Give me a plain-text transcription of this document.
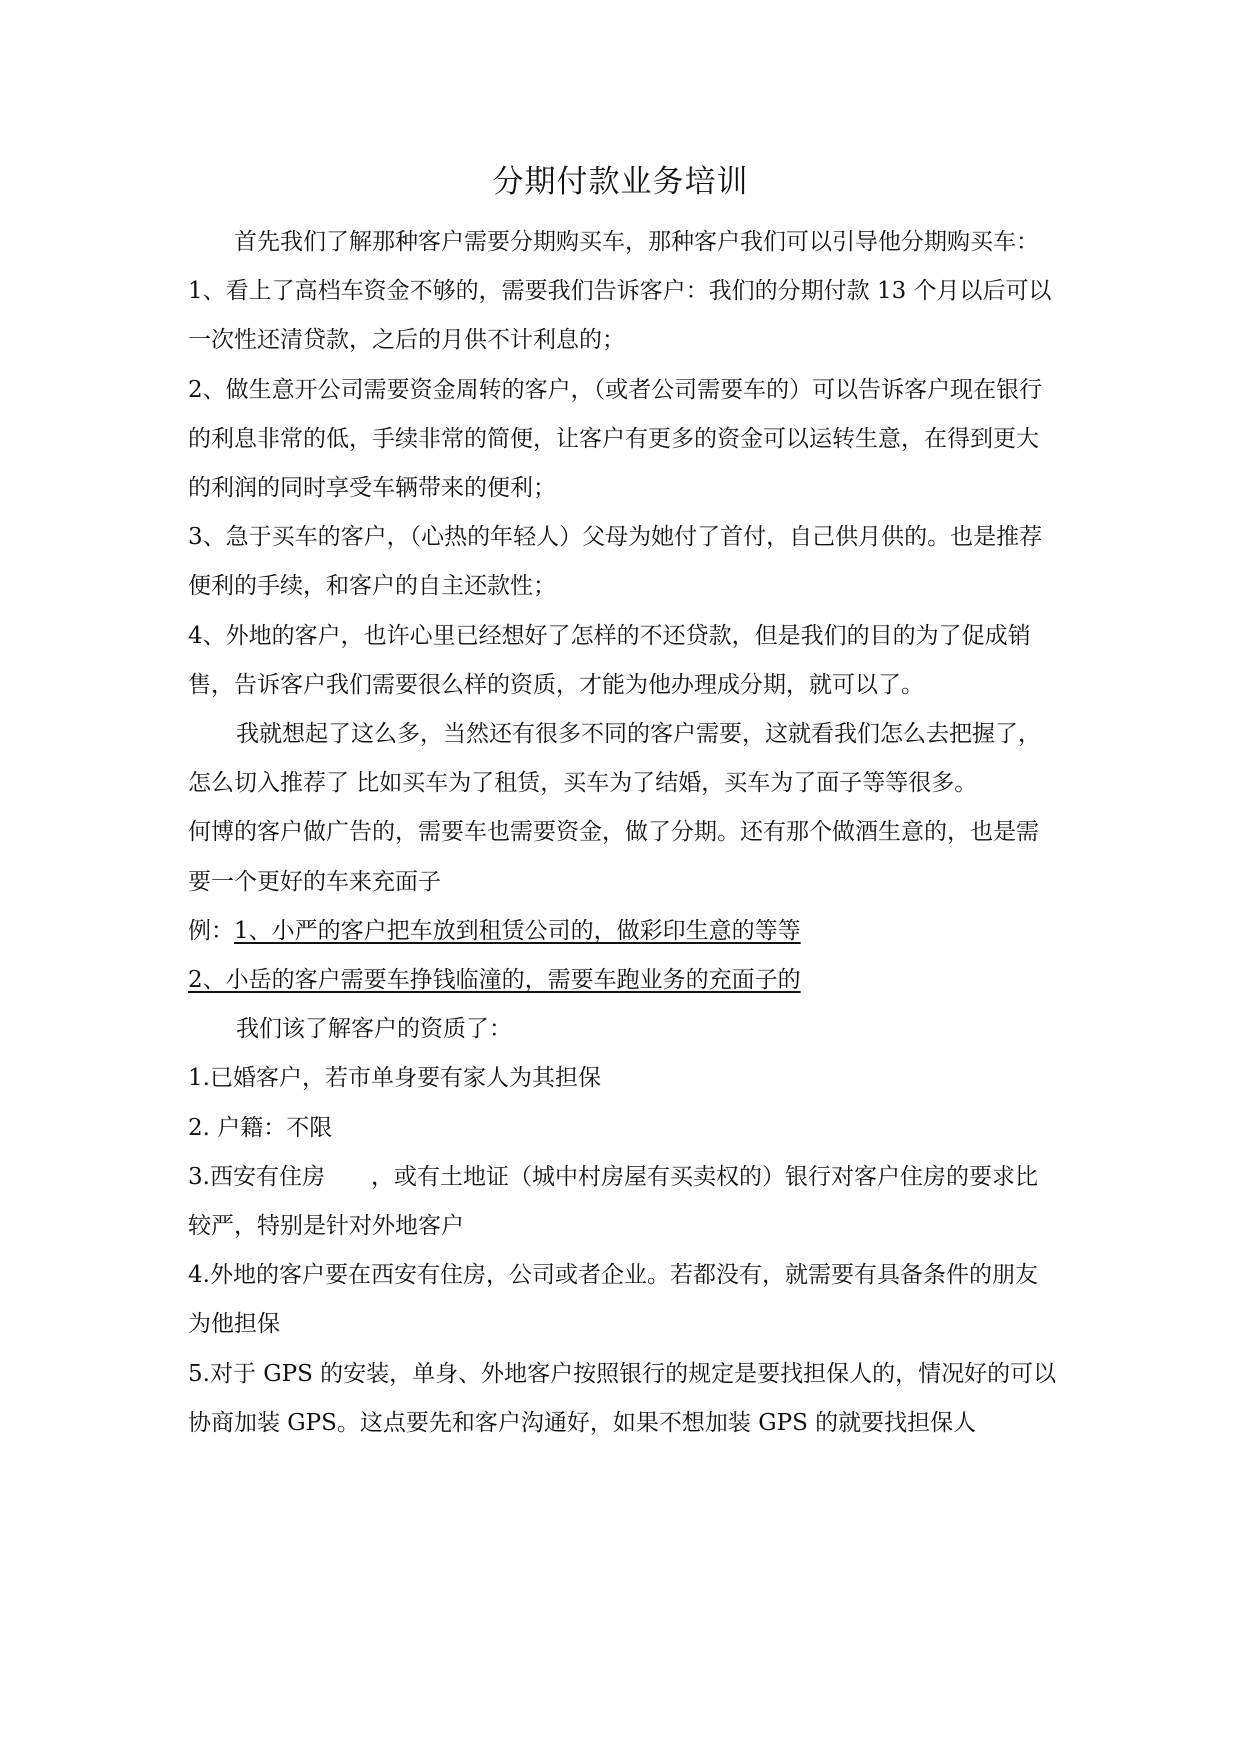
分期付款业务培训

首先我们了解那种客户需要分期购买车，那种客户我们可以引导他分期购买车：

1、看上了高档车资金不够的，需要我们告诉客户：我们的分期付款 13 个月以后可以一次性还清贷款，之后的月供不计利息的；

2、做生意开公司需要资金周转的客户，（或者公司需要车的）可以告诉客户现在银行的利息非常的低，手续非常的简便，让客户有更多的资金可以运转生意，在得到更大的利润的同时享受车辆带来的便利；

3、急于买车的客户，（心热的年轻人）父母为她付了首付，自己供月供的。也是推荐便利的手续，和客户的自主还款性；

4、外地的客户，也许心里已经想好了怎样的不还贷款，但是我们的目的为了促成销售，告诉客户我们需要很么样的资质，才能为他办理成分期，就可以了。

我就想起了这么多，当然还有很多不同的客户需要，这就看我们怎么去把握了，怎么切入推荐了 比如买车为了租赁，买车为了结婚，买车为了面子等等很多。

何博的客户做广告的，需要车也需要资金，做了分期。还有那个做酒生意的，也是需要一个更好的车来充面子

例：1、小严的客户把车放到租赁公司的，做彩印生意的等等

2、小岳的客户需要车挣钱临潼的，需要车跑业务的充面子的

我们该了解客户的资质了：

1.已婚客户，若市单身要有家人为其担保

2. 户籍：不限

3.西安有住房　　，或有土地证（城中村房屋有买卖权的）银行对客户住房的要求比较严，特别是针对外地客户

4.外地的客户要在西安有住房，公司或者企业。若都没有，就需要有具备条件的朋友为他担保

5.对于 GPS 的安装，单身、外地客户按照银行的规定是要找担保人的，情况好的可以协商加装 GPS。这点要先和客户沟通好，如果不想加装 GPS 的就要找担保人
